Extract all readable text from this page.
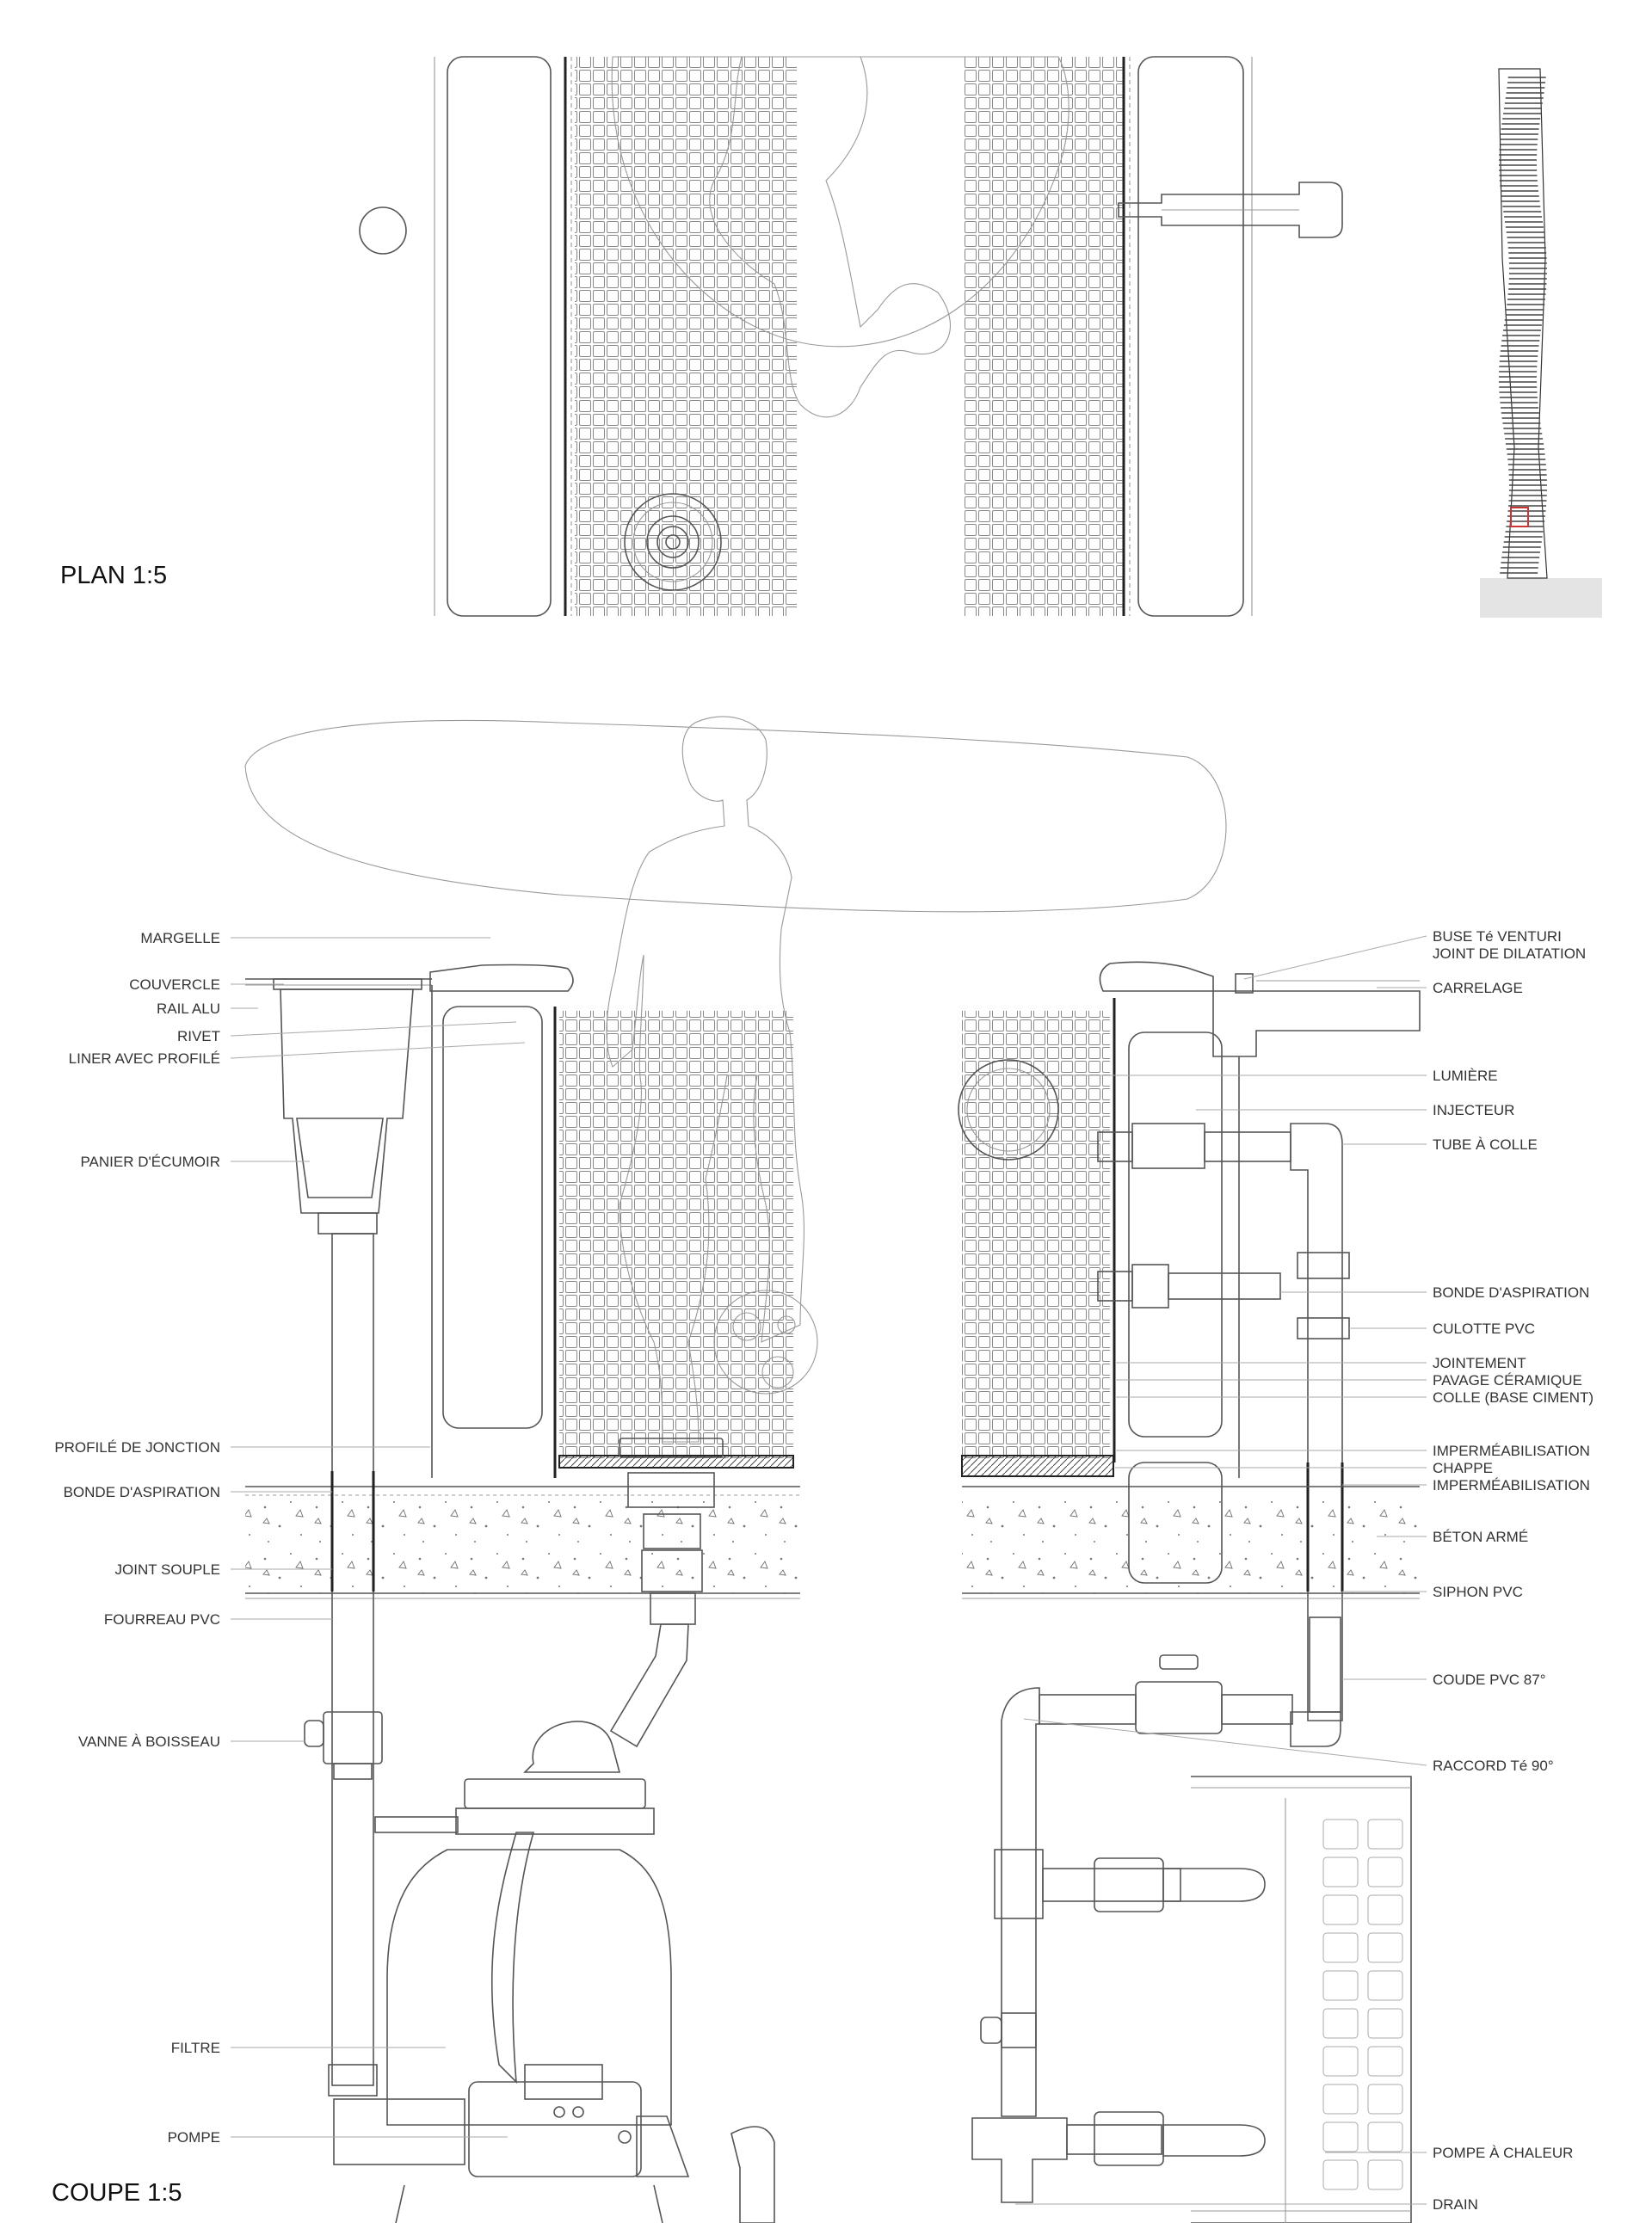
PLAN 1:5
COUPE 1:5
MARGELLE
COUVERCLE
RAIL ALU
RIVET
LINER AVEC PROFILÉ
PANIER D'ÉCUMOIR
PROFILÉ DE JONCTION
BONDE D'ASPIRATION
JOINT SOUPLE
FOURREAU PVC
VANNE À BOISSEAU
FILTRE
POMPE
BUSE Té VENTURI
JOINT DE DILATATION
CARRELAGE
LUMIÈRE
INJECTEUR
TUBE À COLLE
BONDE D'ASPIRATION
CULOTTE PVC
JOINTEMENT
PAVAGE CÉRAMIQUE
COLLE (BASE CIMENT)
IMPERMÉABILISATION
CHAPPE
IMPERMÉABILISATION
BÉTON ARMÉ
SIPHON PVC
COUDE PVC 87°
RACCORD Té 90°
POMPE À CHALEUR
DRAIN
